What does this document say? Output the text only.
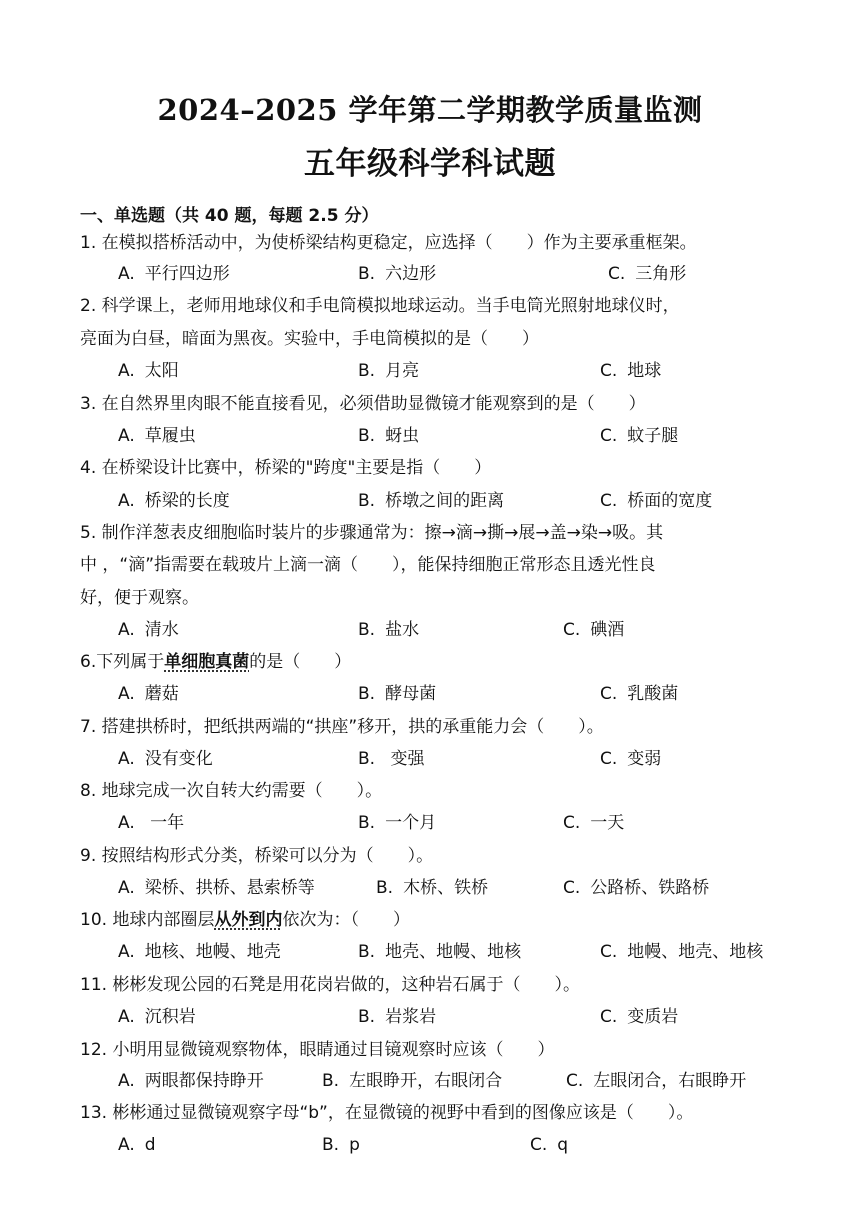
2024–2025 学年第二学期教学质量监测
五年级科学科试题
一、单选题（共 40 题，每题 2.5 分）
1. 在模拟搭桥活动中，为使桥梁结构更稳定，应选择（　　）作为主要承重框架。
A. 平行四边形	B. 六边形	C. 三角形
2. 科学课上，老师用地球仪和手电筒模拟地球运动。当手电筒光照射地球仪时，
亮面为白昼，暗面为黑夜。实验中，手电筒模拟的是（　　）
A. 太阳	B. 月亮	C. 地球
3. 在自然界里肉眼不能直接看见，必须借助显微镜才能观察到的是（　　）
A. 草履虫	B. 蚜虫	C. 蚊子腿
4. 在桥梁设计比赛中，桥梁的"跨度"主要是指（　　）
A. 桥梁的长度	B. 桥墩之间的距离	C. 桥面的宽度
5. 制作洋葱表皮细胞临时装片的步骤通常为：擦→滴→撕→展→盖→染→吸。其
中 ，“滴”指需要在载玻片上滴一滴（　　），能保持细胞正常形态且透光性良
好，便于观察。
A. 清水	B. 盐水	C. 碘酒
6.下列属于单细胞真菌的是（　　）
A. 蘑菇	B. 酵母菌	C. 乳酸菌
7. 搭建拱桥时，把纸拱两端的“拱座”移开，拱的承重能力会（　　）。
A. 没有变化	B. 变强	C. 变弱
8. 地球完成一次自转大约需要（　　）。
A. 一年	B. 一个月	C. 一天
9. 按照结构形式分类，桥梁可以分为（　　）。
A. 梁桥、拱桥、悬索桥等	B. 木桥、铁桥	C. 公路桥、铁路桥
10. 地球内部圈层从外到内依次为：（　　）
A. 地核、地幔、地壳	B. 地壳、地幔、地核	C. 地幔、地壳、地核
11. 彬彬发现公园的石凳是用花岗岩做的，这种岩石属于（　　）。
A. 沉积岩	B. 岩浆岩	C. 变质岩
12. 小明用显微镜观察物体，眼睛通过目镜观察时应该（　　）
A. 两眼都保持睁开	B. 左眼睁开，右眼闭合	C. 左眼闭合，右眼睁开
13. 彬彬通过显微镜观察字母“b”，在显微镜的视野中看到的图像应该是（　　）。
A. d	B. p	C. q
